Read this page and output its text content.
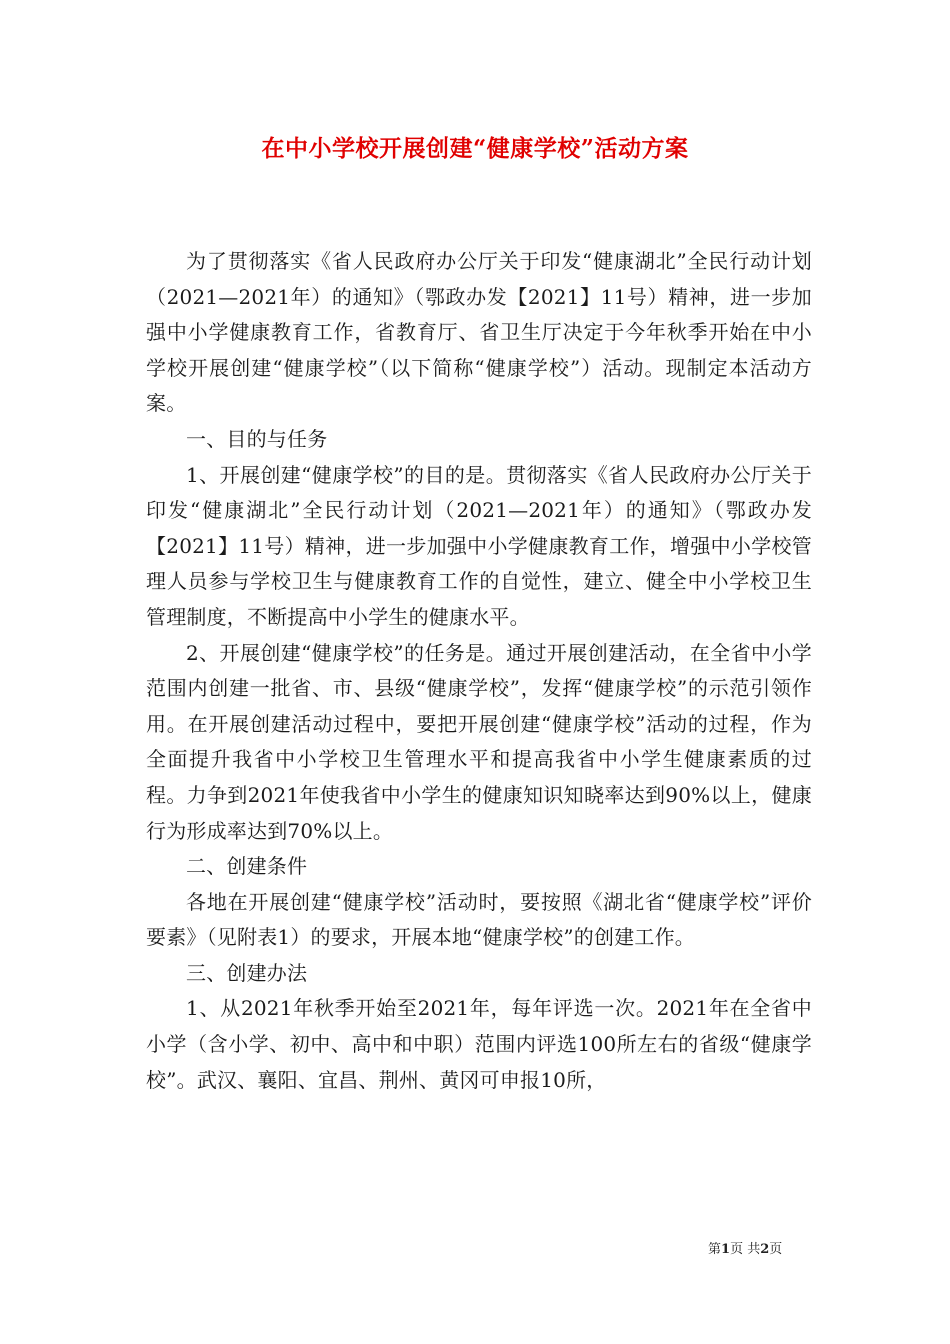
在中小学校开展创建“健康学校”活动方案

为了贯彻落实《省人民政府办公厅关于印发“健康湖北”全民行动计划（2021—2021年）的通知》（鄂政办发【2021】11号）精神，进一步加强中小学健康教育工作，省教育厅、省卫生厅决定于今年秋季开始在中小学校开展创建“健康学校”（以下简称“健康学校”）活动。现制定本活动方案。

一、目的与任务

1、开展创建“健康学校”的目的是。贯彻落实《省人民政府办公厅关于印发“健康湖北”全民行动计划（2021—2021年）的通知》（鄂政办发【2021】11号）精神，进一步加强中小学健康教育工作，增强中小学校管理人员参与学校卫生与健康教育工作的自觉性，建立、健全中小学校卫生管理制度，不断提高中小学生的健康水平。

2、开展创建“健康学校”的任务是。通过开展创建活动，在全省中小学范围内创建一批省、市、县级“健康学校”，发挥“健康学校”的示范引领作用。在开展创建活动过程中，要把开展创建“健康学校”活动的过程，作为全面提升我省中小学校卫生管理水平和提高我省中小学生健康素质的过程。力争到2021年使我省中小学生的健康知识知晓率达到90%以上，健康行为形成率达到70%以上。

二、创建条件

各地在开展创建“健康学校”活动时，要按照《湖北省“健康学校”评价要素》（见附表1）的要求，开展本地“健康学校”的创建工作。

三、创建办法

1、从2021年秋季开始至2021年，每年评选一次。2021年在全省中小学（含小学、初中、高中和中职）范围内评选100所左右的省级“健康学校”。武汉、襄阳、宜昌、荆州、黄冈可申报10所，

第1页 共2页
